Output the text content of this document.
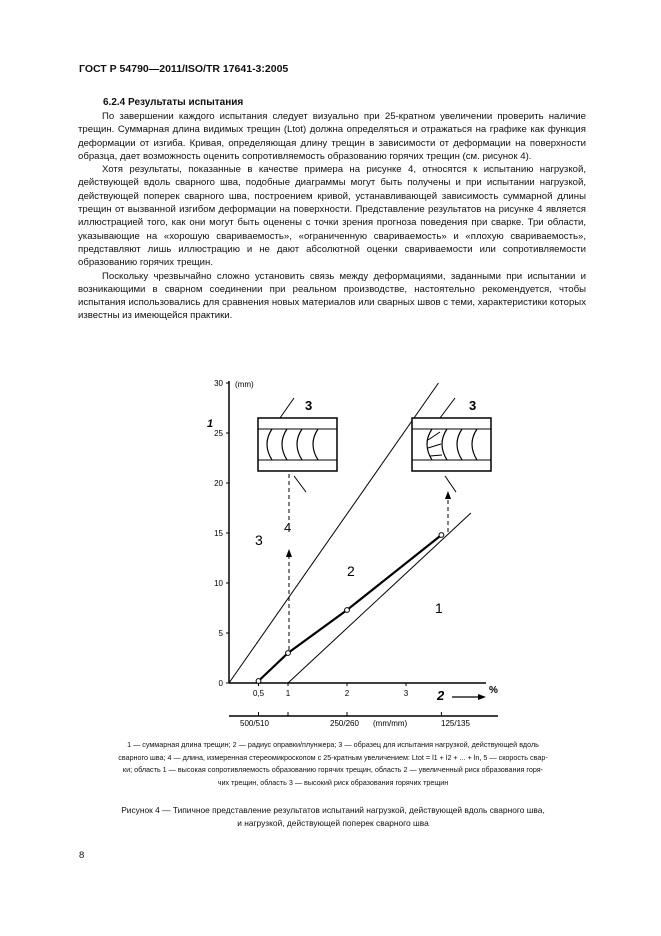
ГОСТ Р 54790—2011/ISO/TR 17641-3:2005
6.2.4 Результаты испытания

По завершении каждого испытания следует визуально при 25-кратном увеличении проверить наличие трещин. Суммарная длина видимых трещин (Ltot) должна определяться и отражаться на графике как функция деформации от изгиба. Кривая, определяющая длину трещин в зависимости от деформации на поверхности образца, дает возможность оценить сопротивляемость образованию горячих трещин (см. рисунок 4).

Хотя результаты, показанные в качестве примера на рисунке 4, относятся к испытанию нагрузкой, действующей вдоль сварного шва, подобные диаграммы могут быть получены и при испытании нагрузкой, действующей поперек сварного шва, построением кривой, устанавливающей зависимость суммарной длины трещин от вызванной изгибом деформации на поверхности. Представление результатов на рисунке 4 является иллюстрацией того, как они могут быть оценены с точки зрения прогноза поведения при сварке. Три области, указывающие на «хорошую свариваемость», «ограниченную свариваемость» и «плохую свариваемость», представляют лишь иллюстрацию и не дают абсолютной оценки свариваемости или сопротивляемости образованию горячих трещин.

Поскольку чрезвычайно сложно установить связь между деформациями, заданными при испытании и возникающими в сварном соединении при реальном производстве, настоятельно рекомендуется, чтобы испытания использовались для сравнения новых материалов или сварных швов с теми, характеристики которых известны из имеющейся практики.

1
(mm)
0
5
10
15
20
25
30
0,5	1	2	3
4
3
2
1
3	3
%
2
500/510	250/260 (mm/mm)	125/135
1 — суммарная длина трещин; 2 — радиус оправки/плунжера; 3 — образец для испытания нагрузкой, действующей вдоль
сварного шва; 4 — длина, измеренная стереомикроскопом с 25-кратным увеличением: Ltot = l1 + l2 + ... + ln, 5 — скорость свар-
ки; область 1 — высокая сопротивляемость образованию горячих трещин, область 2 — увеличенный риск образования горя-
чих трещин, область 3 — высокий риск образования горячих трещин
Рисунок 4 — Типичное представление результатов испытаний нагрузкой, действующей вдоль сварного шва,
и нагрузкой, действующей поперек сварного шва
8
